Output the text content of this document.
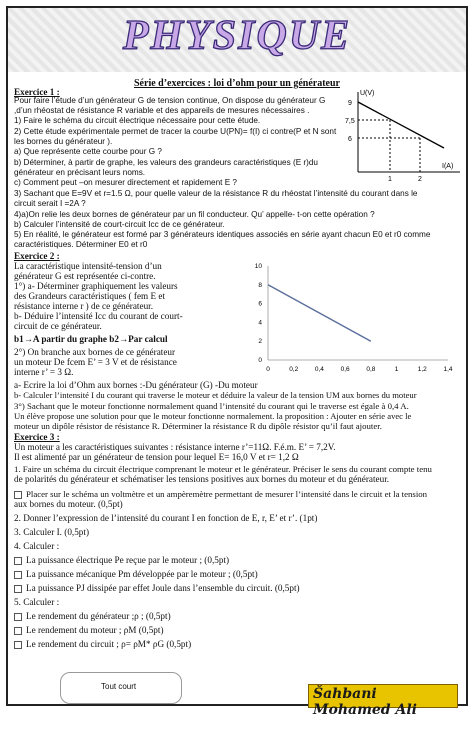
PHYSIQUE
Série d’exercices : loi d’ohm pour un générateur
Exercice 1 :
Pour faire l’étude d’un générateur G de tension continue, On dispose du générateur G
,d’un rhéostat de résistance R variable et des appareils de mesures nécessaires .
1) Faire le schéma du circuit électrique nécessaire pour cette étude.
2) Cette étude expérimentale permet de tracer la courbe U(PN)= f(I) ci contre(P et N sont
les bornes du générateur ).
a) Que représente cette courbe pour G ?
b) Déterminer, à partir de graphe, les valeurs des grandeurs caractéristiques (E r)du
générateur en précisant leurs noms.
c) Comment peut –on mesurer directement et rapidement E ?
3) Sachant que E=9V et r=1.5 Ω, pour quelle valeur de la résistance R du rhéostat l’intensité du courant dans le
circuit serait I =2A ?
4)a)On relie les deux bornes de générateur par un fil conducteur. Qu’ appelle- t-on cette opération ?
b) Calculer l’intensité de court-circuit Icc de ce générateur.
5) En réalité, le générateur est formé par 3 générateurs identiques associés en série ayant chacun E0 et r0 comme
caractéristiques. Déterminer E0 et r0
U(V)
I(A)
9
7,5
6
1	2
Exercice 2 :
La caractéristique intensité-tension d’un
générateur G est représentée ci-contre.
1°) a- Déterminer graphiquement les valeurs
des Grandeurs caractéristiques ( fem E et
résistance interne r ) de ce générateur.
b- Déduire l’intensité Icc du courant de court-
circuit de ce générateur.
b1→A partir du graphe b2→Par calcul
2°) On branche aux bornes de ce générateur
un moteur De fcem E’ = 3 V et de résistance
interne r’ = 3 Ω.
a- Ecrire la loi d’Ohm aux bornes :-Du générateur (G) -Du moteur
b- Calculer l’intensité I du courant qui traverse le moteur et déduire la valeur de la tension UM aux bornes du moteur
3°) Sachant que le moteur fonctionne normalement quand l’intensité du courant qui le traverse est égale à 0,4 A.
Un élève propose une solution pour que le moteur fonctionne normalement. la proposition : Ajouter en série avec le
moteur un dipôle résistor de résistance R. Déterminer la résistance R du dipôle résistor qu’il faut ajouter.
0	0,2	0,4	0,6	0,8	1	1,2	1,4
0
2
4
6
8
10
Exercice 3 :
Un moteur a les caractéristiques suivantes : résistance interne r’=11Ω. F.é.m. E’ = 7,2V.
Il est alimenté par un générateur de tension pour lequel E= 16,0 V et r= 1,2 Ω
1. Faire un schéma du circuit électrique comprenant le moteur et le générateur. Préciser le sens du courant compte tenu
de polarités du générateur et schématiser les tensions positives aux bornes du moteur et du générateur.
Placer sur le schéma un voltmètre et un ampèremètre permettant de mesurer l’intensité dans le circuit et la tension
aux bornes du moteur. (0,5pt)
2. Donner l’expression de l’intensité du courant I en fonction de E, r, E’ et r’. (1pt)
3. Calculer I. (0,5pt)
4. Calculer :
La puissance électrique Pe reçue par le moteur ; (0,5pt)
La puissance mécanique Pm développée par le moteur ; (0,5pt)
La puissance PJ dissipée par effet Joule dans l’ensemble du circuit. (0,5pt)
5. Calculer :
Le rendement du générateur ;ρ ; (0,5pt)
Le rendement du moteur ; ρM (0,5pt)
Le rendement du circuit ; ρ= ρM* ρG (0,5pt)
Tout court	Šahbani Mohamed Ali
